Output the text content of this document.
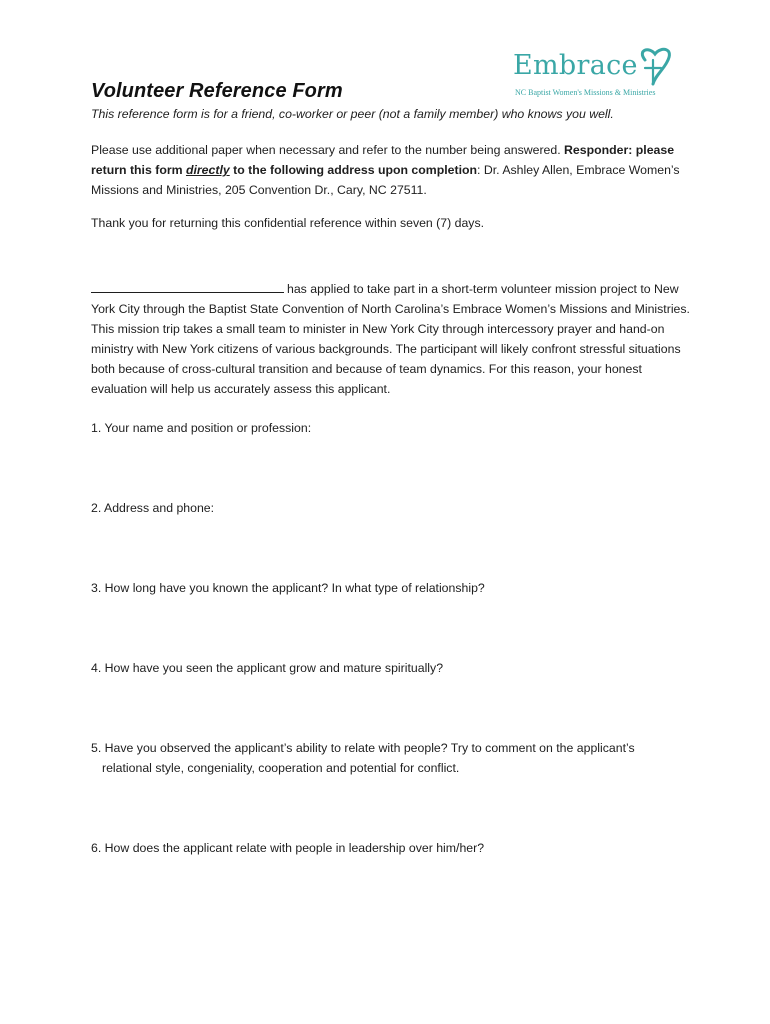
Embrace
NC Baptist Women's Missions & Ministries
Volunteer Reference Form
This reference form is for a friend, co-worker or peer (not a family member) who knows you well.
Please use additional paper when necessary and refer to the number being answered. Responder: please return this form directly to the following address upon completion: Dr. Ashley Allen, Embrace Women’s Missions and Ministries, 205 Convention Dr., Cary, NC 27511.
Thank you for returning this confidential reference within seven (7) days.
has applied to take part in a short-term volunteer mission project to New York City through the Baptist State Convention of North Carolina’s Embrace Women’s Missions and Ministries. This mission trip takes a small team to minister in New York City through intercessory prayer and hand-on ministry with New York citizens of various backgrounds. The participant will likely confront stressful situations both because of cross-cultural transition and because of team dynamics. For this reason, your honest evaluation will help us accurately assess this applicant.
1. Your name and position or profession:
2. Address and phone:
3. How long have you known the applicant? In what type of relationship?
4. How have you seen the applicant grow and mature spiritually?
5. Have you observed the applicant’s ability to relate with people? Try to comment on the applicant’s
relational style, congeniality, cooperation and potential for conflict.
6. How does the applicant relate with people in leadership over him/her?
